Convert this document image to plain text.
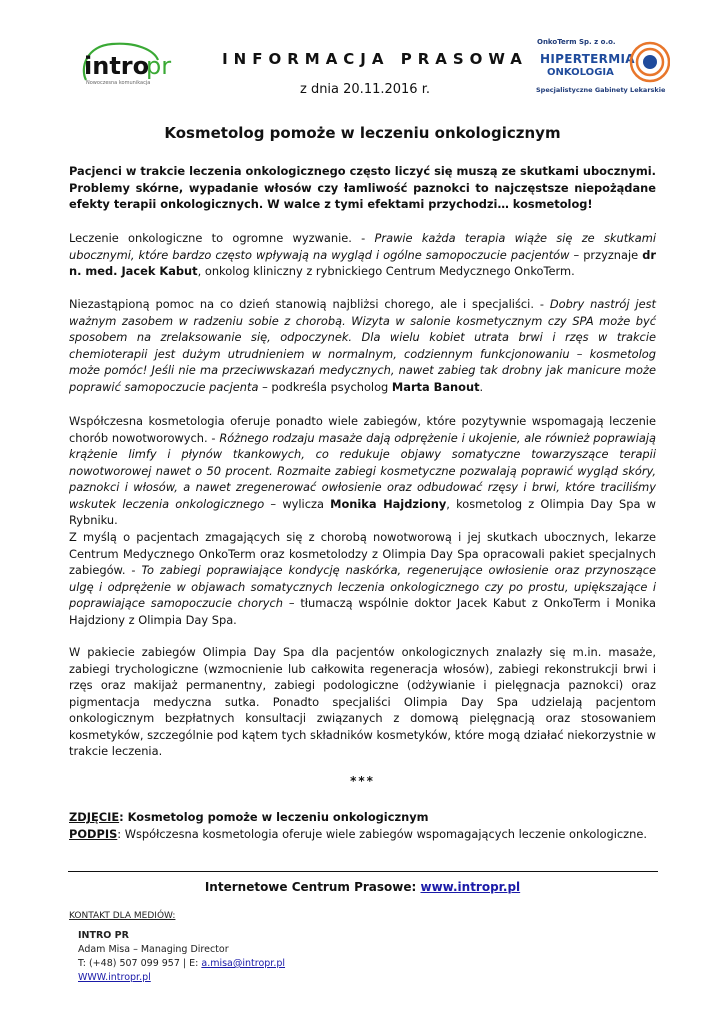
intro
pr
Nowoczesna komunikacja
INFORMACJA PRASOWA
z dnia 20.11.2016 r.
OnkoTerm Sp. z o.o.
HIPERTERMIA
ONKOLOGIA
Specjalistyczne Gabinety Lekarskie
Kosmetolog pomoże w leczeniu onkologicznym
Pacjenci w trakcie leczenia onkologicznego często liczyć się muszą ze skutkami ubocznymi. Problemy skórne, wypadanie włosów czy łamliwość paznokci to najczęstsze niepożądane efekty terapii onkologicznych. W walce z tymi efektami przychodzi… kosmetolog!
Leczenie onkologiczne to ogromne wyzwanie. - Prawie każda terapia wiąże się ze skutkami ubocznymi, które bardzo często wpływają na wygląd i ogólne samopoczucie pacjentów – przyznaje dr n. med. Jacek Kabut, onkolog kliniczny z rybnickiego Centrum Medycznego OnkoTerm.
Niezastąpioną pomoc na co dzień stanowią najbliżsi chorego, ale i specjaliści. - Dobry nastrój jest ważnym zasobem w radzeniu sobie z chorobą. Wizyta w salonie kosmetycznym czy SPA może być sposobem na zrelaksowanie się, odpoczynek. Dla wielu kobiet utrata brwi i rzęs w trakcie chemioterapii jest dużym utrudnieniem w normalnym, codziennym funkcjonowaniu – kosmetolog może pomóc! Jeśli nie ma przeciwwskazań medycznych, nawet zabieg tak drobny jak manicure może poprawić samopoczucie pacjenta – podkreśla psycholog Marta Banout.
Współczesna kosmetologia oferuje ponadto wiele zabiegów, które pozytywnie wspomagają leczenie chorób nowotworowych. - Różnego rodzaju masaże dają odprężenie i ukojenie, ale również poprawiają krążenie limfy i płynów tkankowych, co redukuje objawy somatyczne towarzyszące terapii nowotworowej nawet o 50 procent. Rozmaite zabiegi kosmetyczne pozwalają poprawić wygląd skóry, paznokci i włosów, a nawet zregenerować owłosienie oraz odbudować rzęsy i brwi, które traciliśmy wskutek leczenia onkologicznego – wylicza Monika Hajdziony, kosmetolog z Olimpia Day Spa w Rybniku.
Z myślą o pacjentach zmagających się z chorobą nowotworową i jej skutkach ubocznych, lekarze Centrum Medycznego OnkoTerm oraz kosmetolodzy z Olimpia Day Spa opracowali pakiet specjalnych zabiegów. - To zabiegi poprawiające kondycję naskórka, regenerujące owłosienie oraz przynoszące ulgę i odprężenie w objawach somatycznych leczenia onkologicznego czy po prostu, upiększające i poprawiające samopoczucie chorych – tłumaczą wspólnie doktor Jacek Kabut z OnkoTerm i Monika Hajdziony z Olimpia Day Spa.
W pakiecie zabiegów Olimpia Day Spa dla pacjentów onkologicznych znalazły się m.in. masaże, zabiegi trychologiczne (wzmocnienie lub całkowita regeneracja włosów), zabiegi rekonstrukcji brwi i rzęs oraz makijaż permanentny, zabiegi podologiczne (odżywianie i pielęgnacja paznokci) oraz pigmentacja medyczna sutka. Ponadto specjaliści Olimpia Day Spa udzielają pacjentom onkologicznym bezpłatnych konsultacji związanych z domową pielęgnacją oraz stosowaniem kosmetyków, szczególnie pod kątem tych składników kosmetyków, które mogą działać niekorzystnie w trakcie leczenia.
***
ZDJĘCIE: Kosmetolog pomoże w leczeniu onkologicznym
PODPIS: Współczesna kosmetologia oferuje wiele zabiegów wspomagających leczenie onkologiczne.
Internetowe Centrum Prasowe: www.intropr.pl
KONTAKT DLA MEDIÓW:
INTRO PR
Adam Misa – Managing Director
T: (+48) 507 099 957 | E: a.misa@intropr.pl
WWW.intropr.pl
